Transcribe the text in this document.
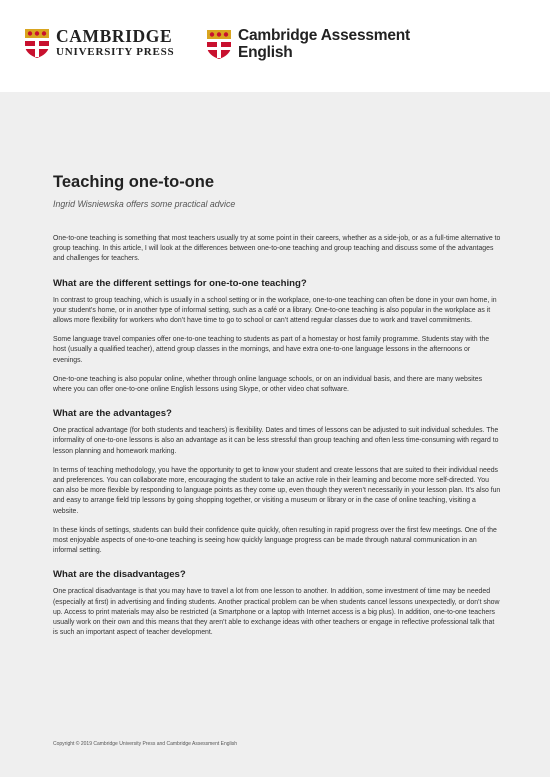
CAMBRIDGE
UNIVERSITY PRESS
Cambridge Assessment
English
Teaching one-to-one
Ingrid Wisniewska offers some practical advice

One-to-one teaching is something that most teachers usually try at some point in their careers, whether as a side-job, or as a full-time alternative to group teaching. In this article, I will look at the differences between one-to-one teaching and group teaching and discuss some of the advantages and challenges for teachers.

What are the different settings for one-to-one teaching?

In contrast to group teaching, which is usually in a school setting or in the workplace, one-to-one teaching can often be done in your own home, in your student’s home, or in another type of informal setting, such as a café or a library. One-to-one teaching is also popular in the workplace as it allows more flexibility for workers who don’t have time to go to school or can’t attend regular classes due to work and travel commitments.

Some language travel companies offer one-to-one teaching to students as part of a homestay or host family programme. Students stay with the host (usually a qualified teacher), attend group classes in the mornings, and have extra one-to-one language lessons in the afternoons or evenings.

One-to-one teaching is also popular online, whether through online language schools, or on an individual basis, and there are many websites where you can offer one-to-one online English lessons using Skype, or other video chat software.

What are the advantages?

One practical advantage (for both students and teachers) is flexibility. Dates and times of lessons can be adjusted to suit individual schedules. The informality of one-to-one lessons is also an advantage as it can be less stressful than group teaching and often less time-consuming with regard to lesson planning and homework marking.

In terms of teaching methodology, you have the opportunity to get to know your student and create lessons that are suited to their individual needs and preferences. You can collaborate more, encouraging the student to take an active role in their learning and become more self-directed. You can also be more flexible by responding to language points as they come up, even though they weren’t necessarily in your lesson plan. It’s also fun and easy to arrange field trip lessons by going shopping together, or visiting a museum or library or in the case of online teaching, visiting a website.

In these kinds of settings, students can build their confidence quite quickly, often resulting in rapid progress over the first few meetings. One of the most enjoyable aspects of one-to-one teaching is seeing how quickly language progress can be made through natural communication in an informal setting.

What are the disadvantages?

One practical disadvantage is that you may have to travel a lot from one lesson to another. In addition, some investment of time may be needed (especially at first) in advertising and finding students. Another practical problem can be when students cancel lessons unexpectedly, or don’t show up. Access to print materials may also be restricted (a Smartphone or a laptop with Internet access is a big plus). In addition, one-to-one teachers usually work on their own and this means that they aren’t able to exchange ideas with other teachers or engage in reflective professional talk that is such an important aspect of teacher development.

Copyright © 2019 Cambridge University Press and Cambridge Assessment English
